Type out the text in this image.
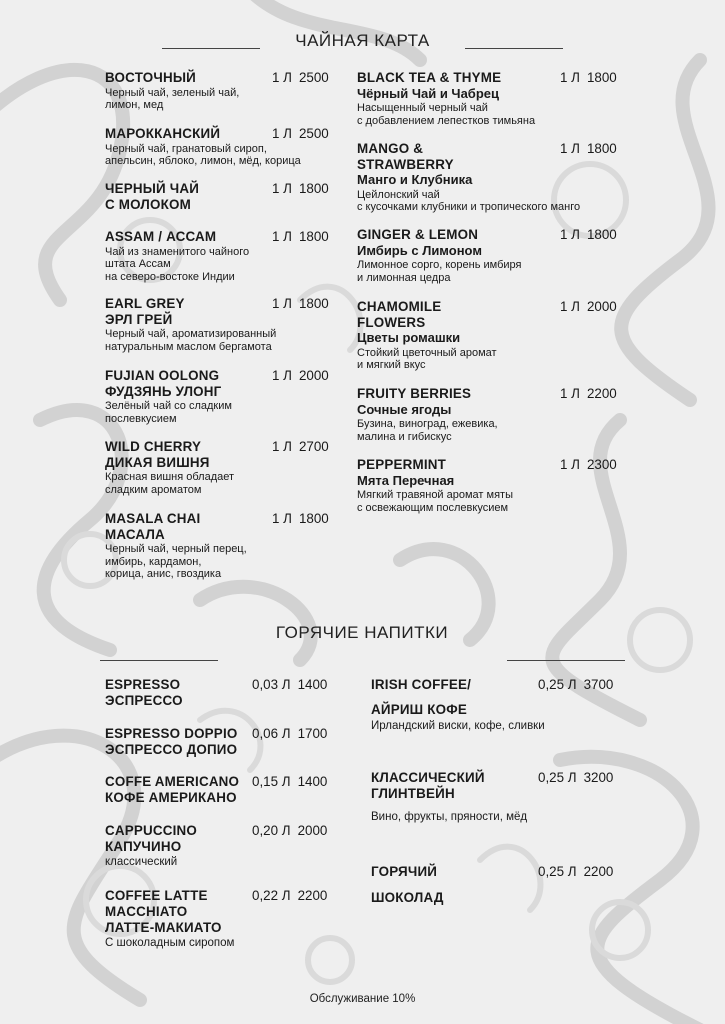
ЧАЙНАЯ КАРТА
ВОСТОЧНЫЙ
Черный чай, зеленый чай,
лимон, мед
1 Л 2500
МАРОККАНСКИЙ
Черный чай, гранатовый сироп,
апельсин, яблоко, лимон, мёд, корица
1 Л 2500
ЧЕРНЫЙ ЧАЙ
С МОЛОКОМ
1 Л 1800
ASSAM / АССАМ
Чай из знаменитого чайного
штата Ассам
на северо-востоке Индии
1 Л 1800
EARL GREY
ЭРЛ ГРЕЙ
Черный чай, ароматизированный
натуральным маслом бергамота
1 Л 1800
FUJIAN OOLONG
ФУДЗЯНЬ УЛОНГ
Зелёный чай со сладким
послевкусием
1 Л 2000
WILD CHERRY
ДИКАЯ ВИШНЯ
Красная вишня обладает
сладким ароматом
1 Л 2700
MASALA CHAI
МАСАЛА
Черный чай, черный перец,
имбирь, кардамон,
корица, анис, гвоздика
1 Л 1800
BLACK TEA & THYME
Чёрный Чай и Чабрец
Насыщенный черный чай
с добавлением лепестков тимьяна
1 Л 1800
MANGO &
STRAWBERRY
Манго и Клубника
Цейлонский чай
с кусочками клубники и тропического манго
1 Л 1800
GINGER & LEMON
Имбирь с Лимоном
Лимонное сорго, корень имбиря
и лимонная цедра
1 Л 1800
CHAMOMILE
FLOWERS
Цветы ромашки
Стойкий цветочный аромат
и мягкий вкус
1 Л 2000
FRUITY BERRIES
Сочные ягоды
Бузина, виноград, ежевика,
малина и гибискус
1 Л 2200
PEPPERMINT
Мята Перечная
Мягкий травяной аромат мяты
с освежающим послевкусием
1 Л 2300
ГОРЯЧИЕ НАПИТКИ
ESPRESSO
ЭСПРЕССО
0,03 Л 1400
ESPRESSO DOPPIO
ЭСПРЕССО ДОПИО
0,06 Л 1700
COFFE AMERICANO
КОФЕ АМЕРИКАНО
0,15 Л 1400
CAPPUCCINO
КАПУЧИНО
классический
0,20 Л 2000
COFFEE LATTE
MACCHIATO
ЛАТТЕ-МАКИАТО
С шоколадным сиропом
0,22 Л 2200
IRISH COFFEE/
АЙРИШ КОФЕ
Ирландский виски, кофе, сливки
0,25 Л 3700
КЛАССИЧЕСКИЙ
ГЛИНТВЕЙН
Вино, фрукты, пряности, мёд
0,25 Л 3200
ГОРЯЧИЙ
ШОКОЛАД
0,25 Л 2200
Обслуживание 10%
